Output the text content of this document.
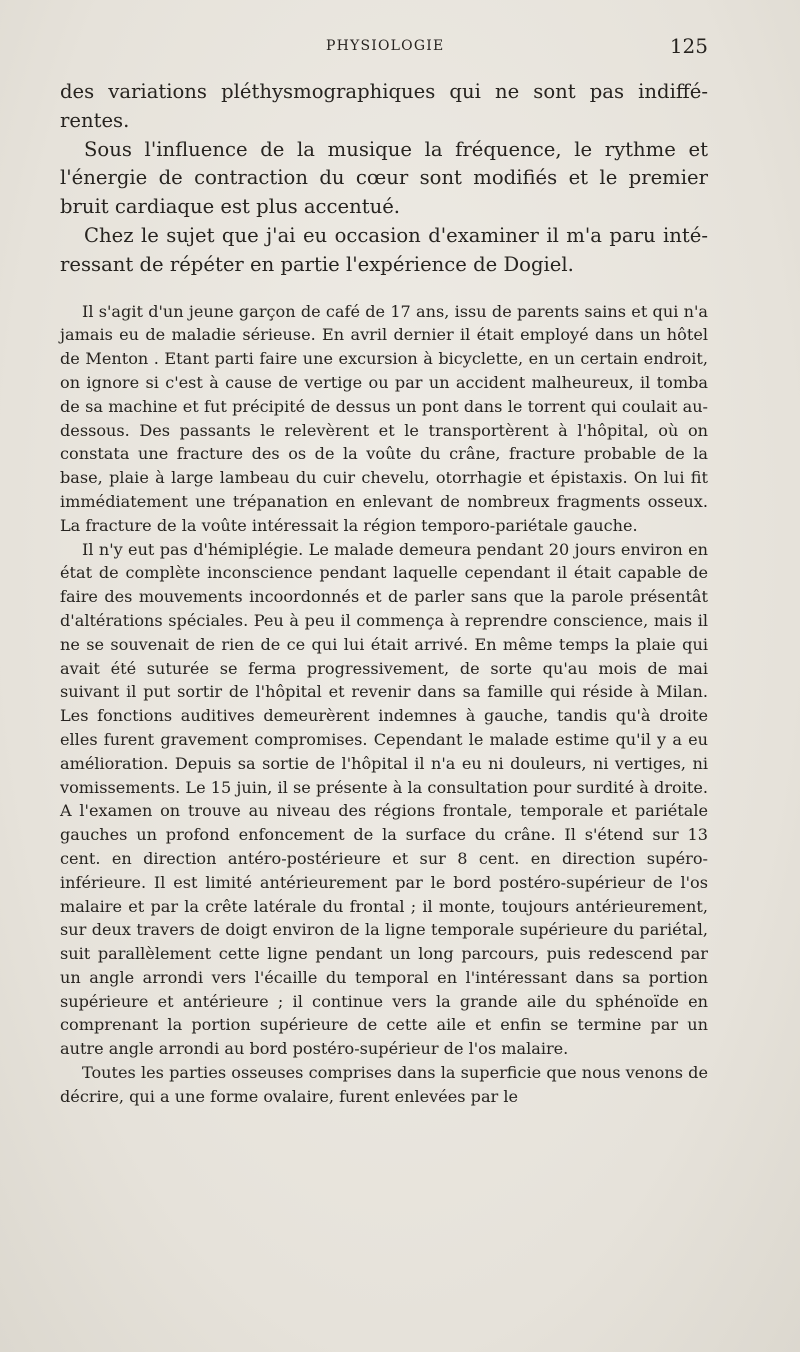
PHYSIOLOGIE	125

des variations pléthysmographiques qui ne sont pas indifférentes.

Sous l'influence de la musique la fréquence, le rythme et l'énergie de contraction du cœur sont modifiés et le premier bruit cardiaque est plus accentué.

Chez le sujet que j'ai eu occasion d'examiner il m'a paru intéressant de répéter en partie l'expérience de Dogiel.

Il s'agit d'un jeune garçon de café de 17 ans, issu de parents sains et qui n'a jamais eu de maladie sérieuse. En avril dernier il était employé dans un hôtel de Menton . Etant parti faire une excursion à bicyclette, en un certain endroit, on ignore si c'est à cause de vertige ou par un accident malheureux, il tomba de sa machine et fut précipité de dessus un pont dans le torrent qui coulait au-dessous. Des passants le relevèrent et le transportèrent à l'hôpital, où on constata une fracture des os de la voûte du crâne, fracture probable de la base, plaie à large lambeau du cuir chevelu, otorrhagie et épistaxis. On lui fit immédiatement une trépanation en enlevant de nombreux fragments osseux. La fracture de la voûte intéressait la région temporo-pariétale gauche.

Il n'y eut pas d'hémiplégie. Le malade demeura pendant 20 jours environ en état de complète inconscience pendant laquelle cependant il était capable de faire des mouvements incoordonnés et de parler sans que la parole présentât d'altérations spéciales. Peu à peu il commença à reprendre conscience, mais il ne se souvenait de rien de ce qui lui était arrivé. En même temps la plaie qui avait été suturée se ferma progressivement, de sorte qu'au mois de mai suivant il put sortir de l'hôpital et revenir dans sa famille qui réside à Milan. Les fonctions auditives demeurèrent indemnes à gauche, tandis qu'à droite elles furent gravement compromises. Cependant le malade estime qu'il y a eu amélioration. Depuis sa sortie de l'hôpital il n'a eu ni douleurs, ni vertiges, ni vomissements. Le 15 juin, il se présente à la consultation pour surdité à droite. A l'examen on trouve au niveau des régions frontale, temporale et pariétale gauches un profond enfoncement de la surface du crâne. Il s'étend sur 13 cent. en direction antéro-postérieure et sur 8 cent. en direction supéro-inférieure. Il est limité antérieurement par le bord postéro-supérieur de l'os malaire et par la crête latérale du frontal ; il monte, toujours antérieurement, sur deux travers de doigt environ de la ligne temporale supérieure du pariétal, suit parallèlement cette ligne pendant un long parcours, puis redescend par un angle arrondi vers l'écaille du temporal en l'intéressant dans sa portion supérieure et antérieure ; il continue vers la grande aile du sphénoïde en comprenant la portion supérieure de cette aile et enfin se termine par un autre angle arrondi au bord postéro-supérieur de l'os malaire.

Toutes les parties osseuses comprises dans la superficie que nous venons de décrire, qui a une forme ovalaire, furent enlevées par le
